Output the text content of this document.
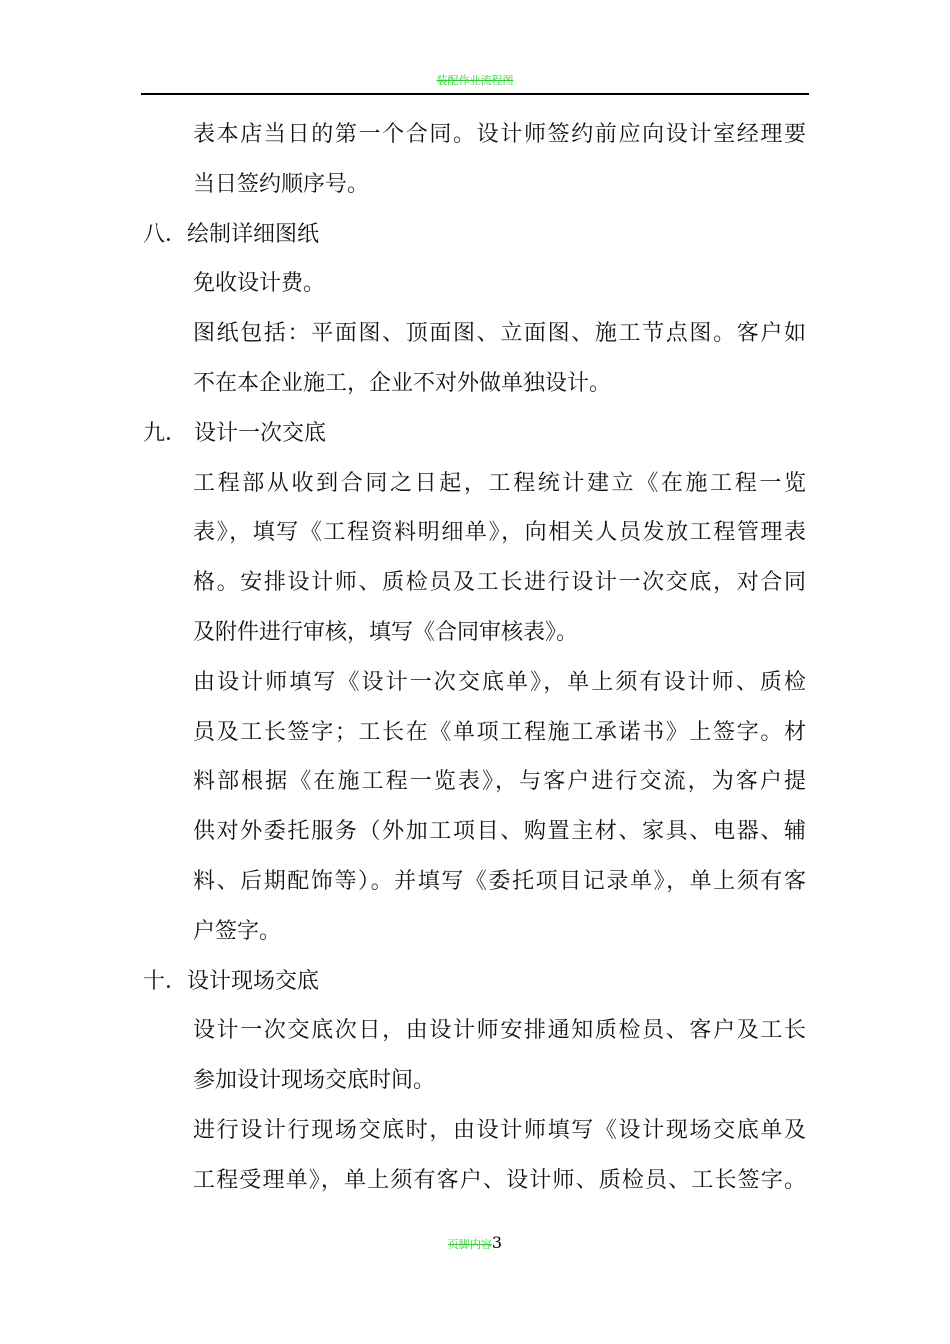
装配作业流程图
表本店当日的第一个合同。设计师签约前应向设计室经理要
当日签约顺序号。
八．绘制详细图纸
免收设计费。
图纸包括：平面图、顶面图、立面图、施工节点图。客户如
不在本企业施工，企业不对外做单独设计。
九． 设计一次交底
工程部从收到合同之日起，工程统计建立《在施工程一览
表》，填写《工程资料明细单》，向相关人员发放工程管理表
格。安排设计师、质检员及工长进行设计一次交底，对合同
及附件进行审核，填写《合同审核表》。
由设计师填写《设计一次交底单》，单上须有设计师、质检
员及工长签字；工长在《单项工程施工承诺书》上签字。材
料部根据《在施工程一览表》，与客户进行交流，为客户提
供对外委托服务（外加工项目、购置主材、家具、电器、辅
料、后期配饰等）。并填写《委托项目记录单》，单上须有客
户签字。
十．设计现场交底
设计一次交底次日，由设计师安排通知质检员、客户及工长
参加设计现场交底时间。
进行设计行现场交底时，由设计师填写《设计现场交底单及
工程受理单》，单上须有客户、设计师、质检员、工长签字。
页脚内容3
